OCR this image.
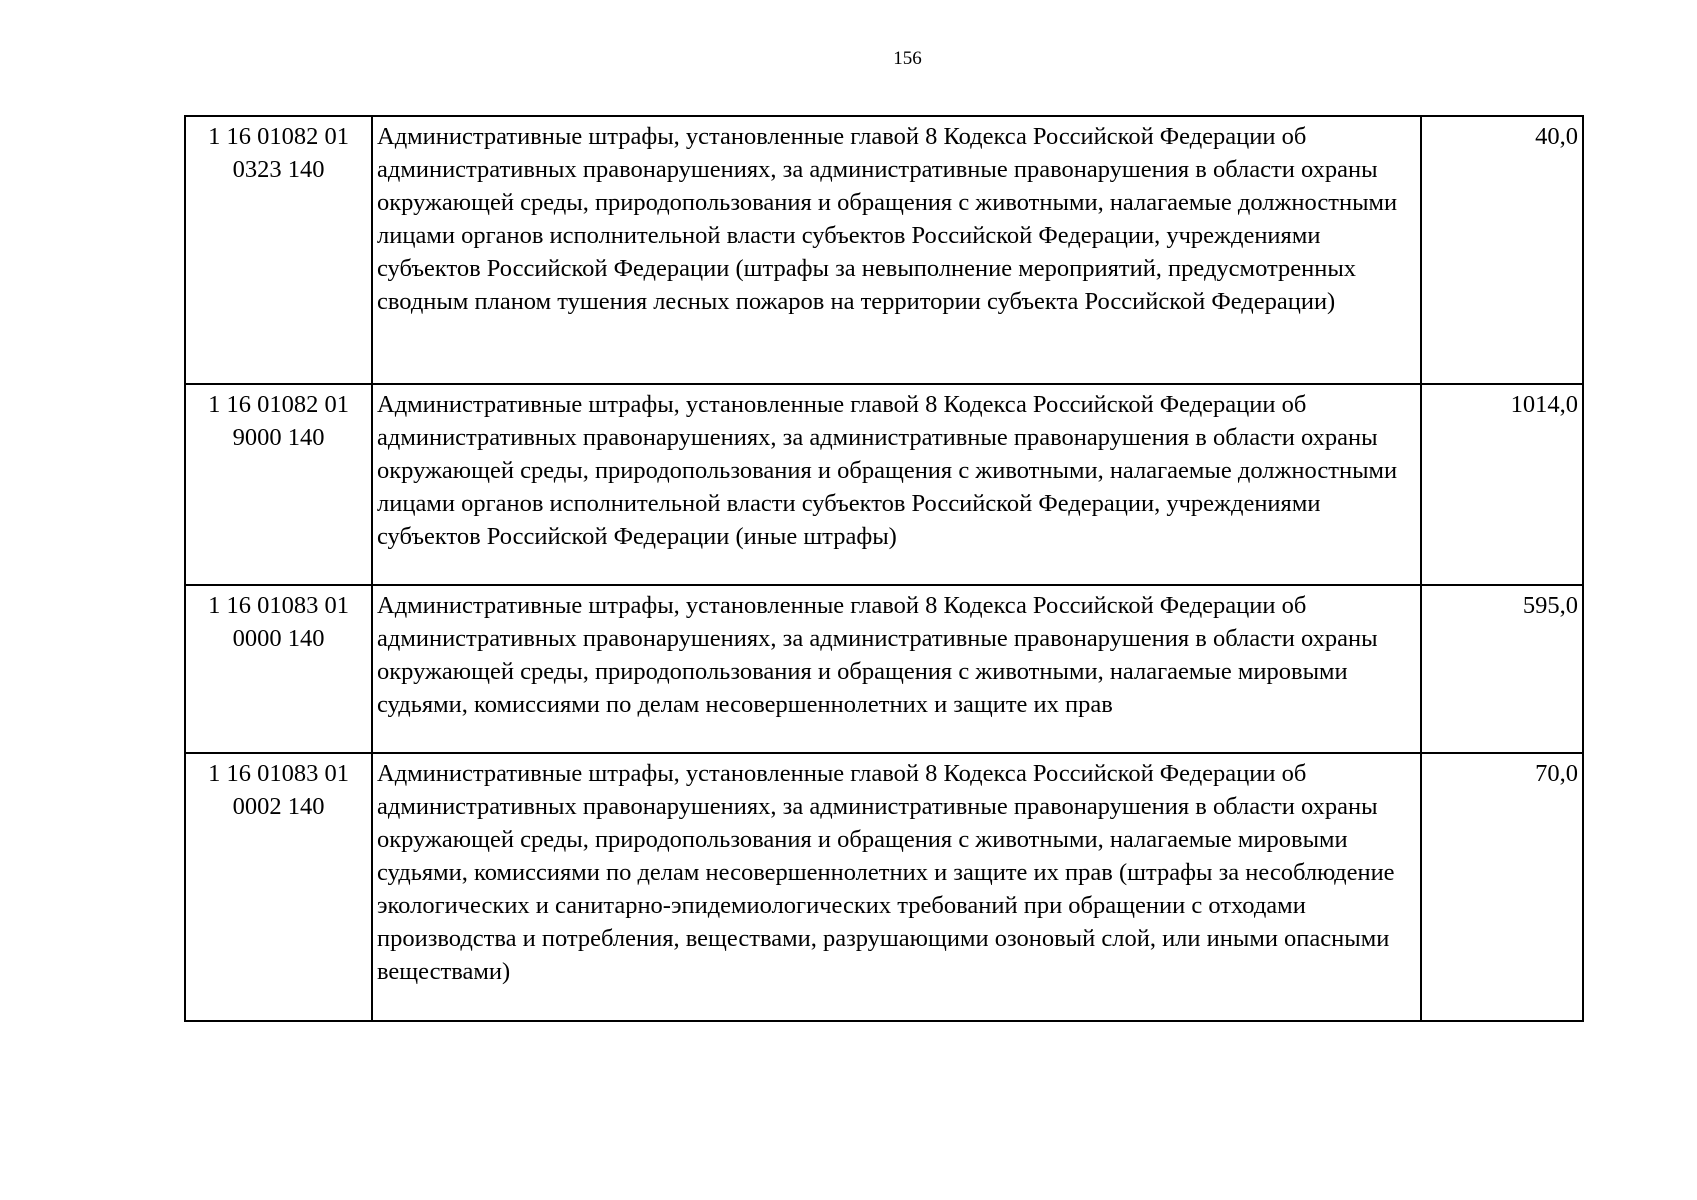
156
1 16 01082 01
0323 140	Административные штрафы, установленные главой 8 Кодекса Российской Федерации об административных правонарушениях, за административные правонарушения в области охраны окружающей среды, природопользования и обращения с животными, налагаемые должностными лицами органов исполнительной власти субъектов Российской Федерации, учреждениями субъектов Российской Федерации (штрафы за невыполнение мероприятий, предусмотренных сводным планом тушения лесных пожаров на территории субъекта Российской Федерации)	40,0

1 16 01082 01
9000 140	Административные штрафы, установленные главой 8 Кодекса Российской Федерации об административных правонарушениях, за административные правонарушения в области охраны окружающей среды, природопользования и обращения с животными, налагаемые должностными лицами органов исполнительной власти субъектов Российской Федерации, учреждениями субъектов Российской Федерации (иные штрафы)	1014,0

1 16 01083 01
0000 140	Административные штрафы, установленные главой 8 Кодекса Российской Федерации об административных правонарушениях, за административные правонарушения в области охраны окружающей среды, природопользования и обращения с животными, налагаемые мировыми судьями, комиссиями по делам несовершеннолетних и защите их прав	595,0

1 16 01083 01
0002 140	Административные штрафы, установленные главой 8 Кодекса Российской Федерации об административных правонарушениях, за административные правонарушения в области охраны окружающей среды, природопользования и обращения с животными, налагаемые мировыми судьями, комиссиями по делам несовершеннолетних и защите их прав (штрафы за несоблюдение экологических и санитарно-эпидемиологических требований при обращении с отходами производства и потребления, веществами, разрушающими озоновый слой, или иными опасными веществами)	70,0
